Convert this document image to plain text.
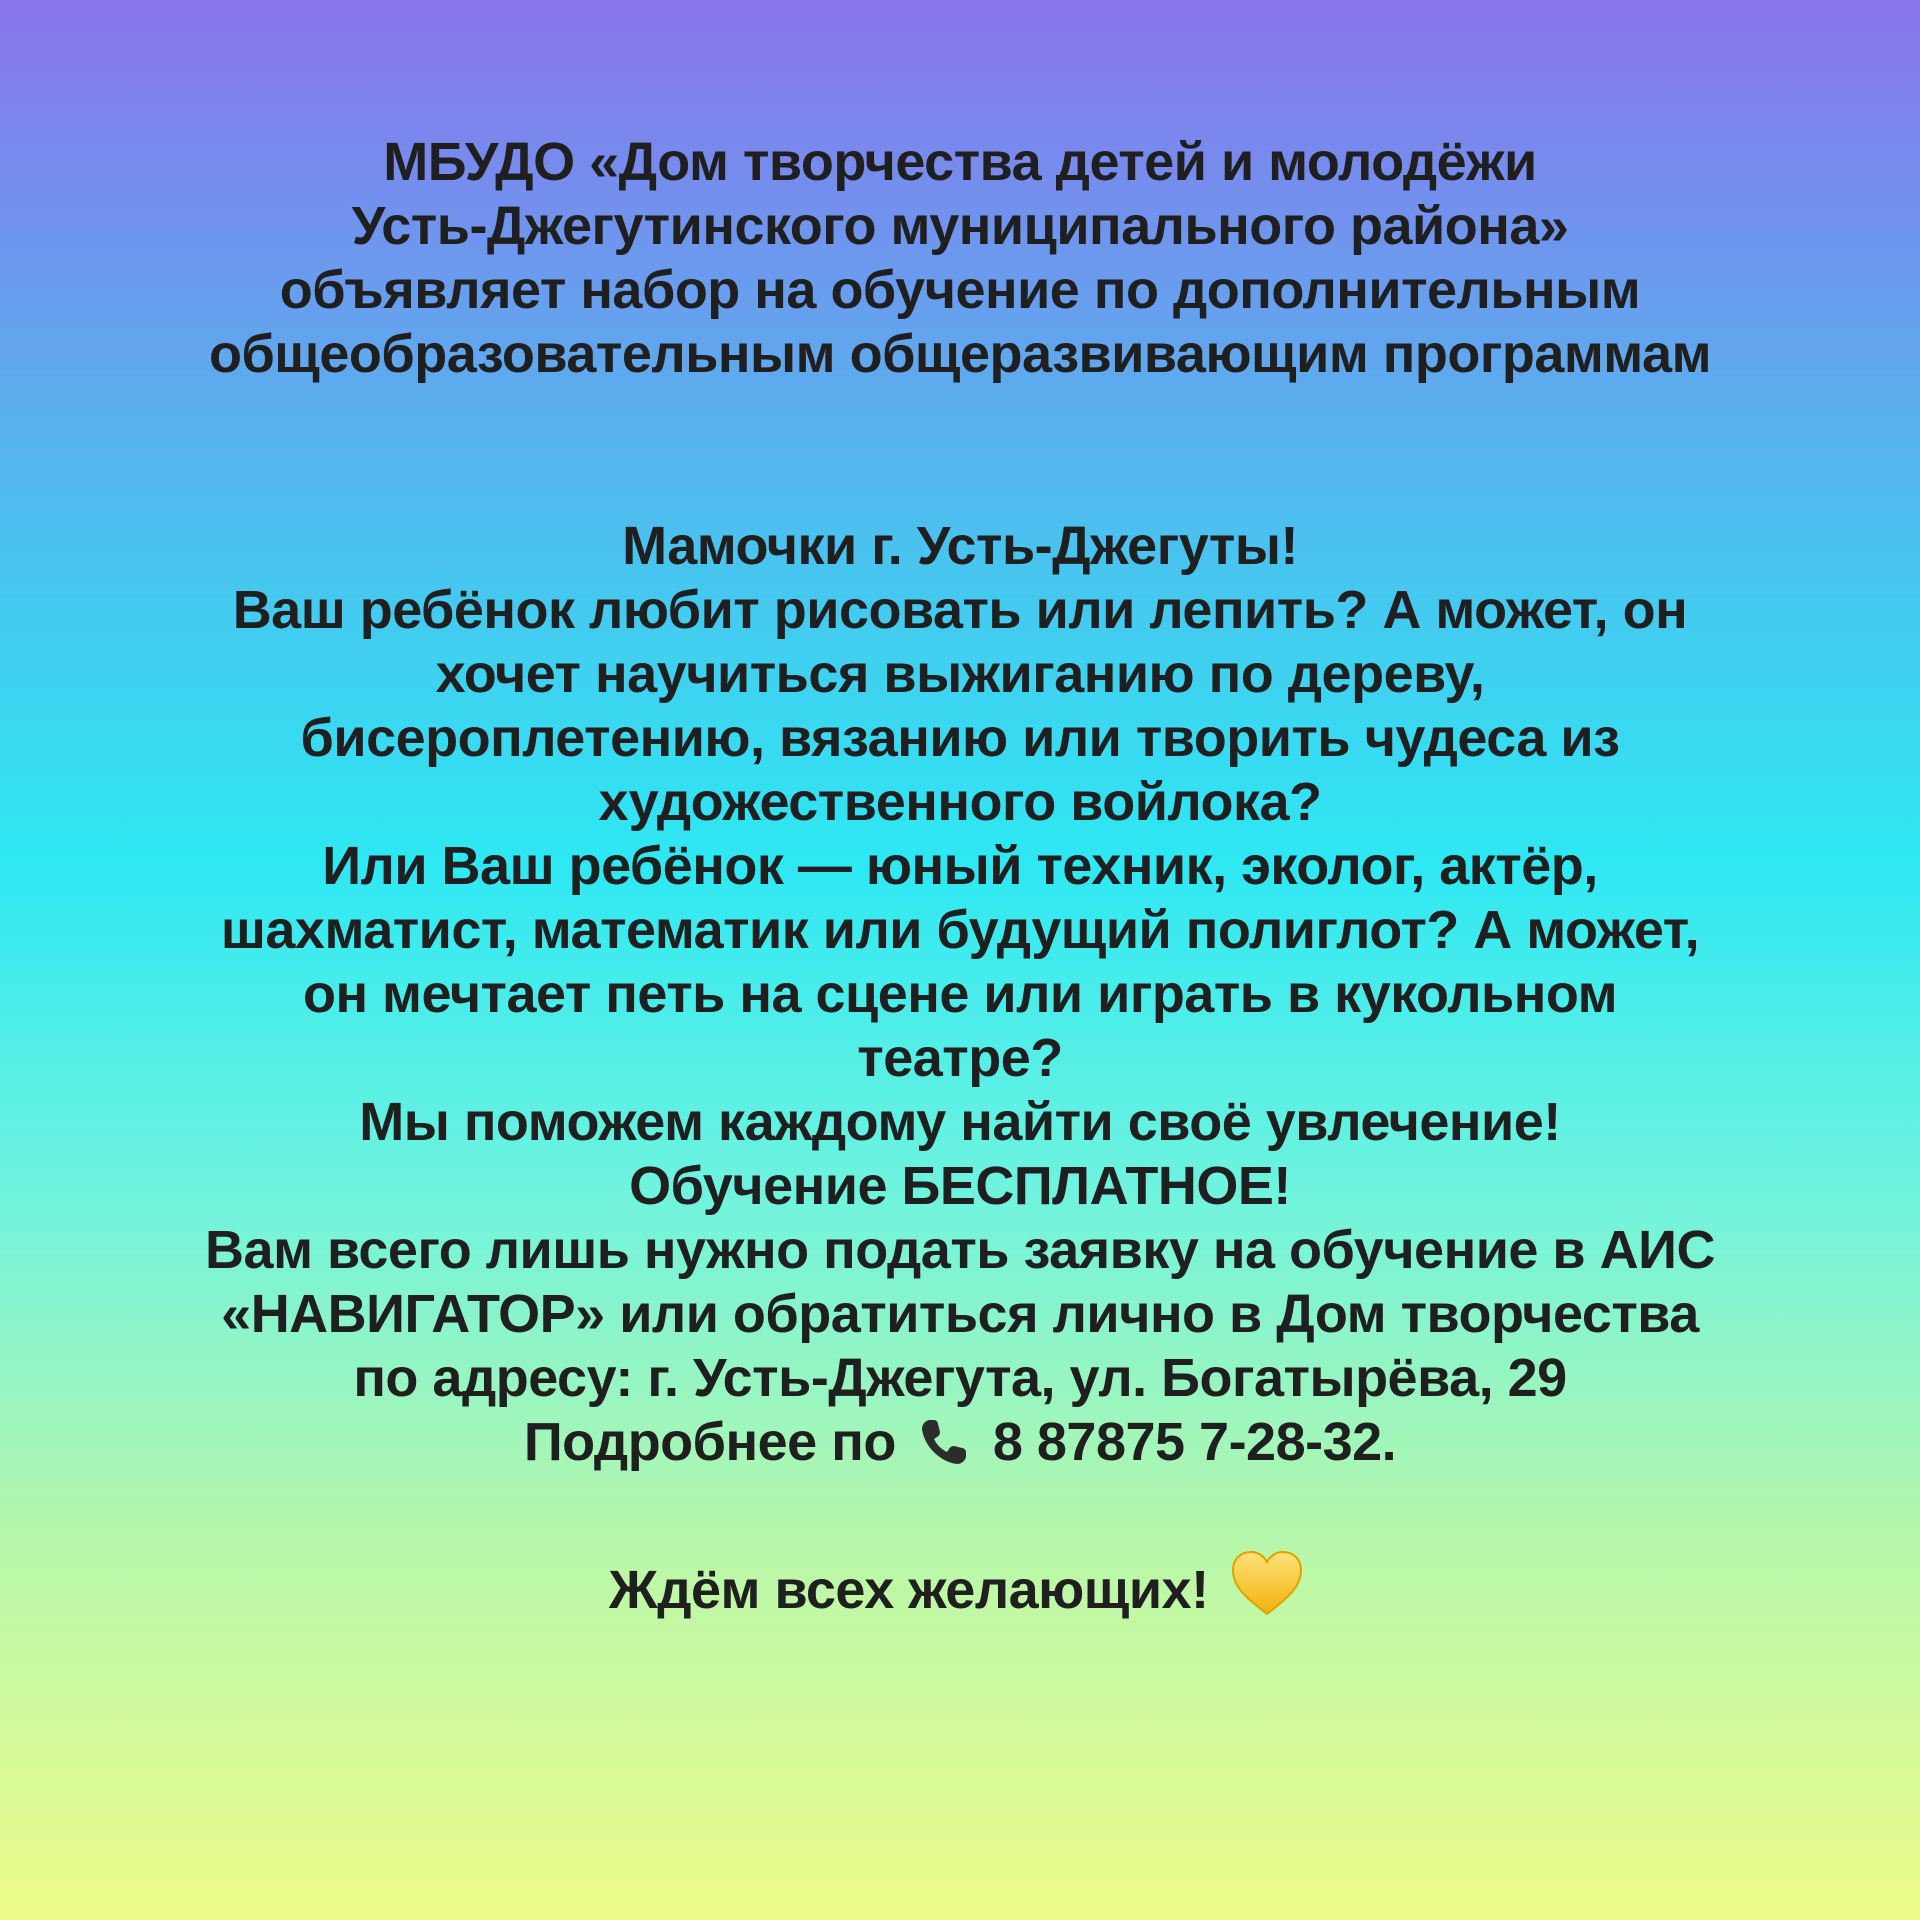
МБУДО «Дом творчества детей и молодёжи
Усть-Джегутинского муниципального района»
объявляет набор на обучение по дополнительным
общеобразовательным общеразвивающим программам
Мамочки г. Усть-Джегуты!
Ваш ребёнок любит рисовать или лепить? А может, он
хочет научиться выжиганию по дереву,
бисероплетению, вязанию или творить чудеса из
художественного войлока?
Или Ваш ребёнок — юный техник, эколог, актёр,
шахматист, математик или будущий полиглот? А может,
он мечтает петь на сцене или играть в кукольном
театре?
Мы поможем каждому найти своё увлечение!
Обучение БЕСПЛАТНОЕ!
Вам всего лишь нужно подать заявку на обучение в АИС
«НАВИГАТОР» или обратиться лично в Дом творчества
по адресу: г. Усть-Джегута, ул. Богатырёва, 29
Подробнее по 8 87875 7-28-32.
Ждём всех желающих!
